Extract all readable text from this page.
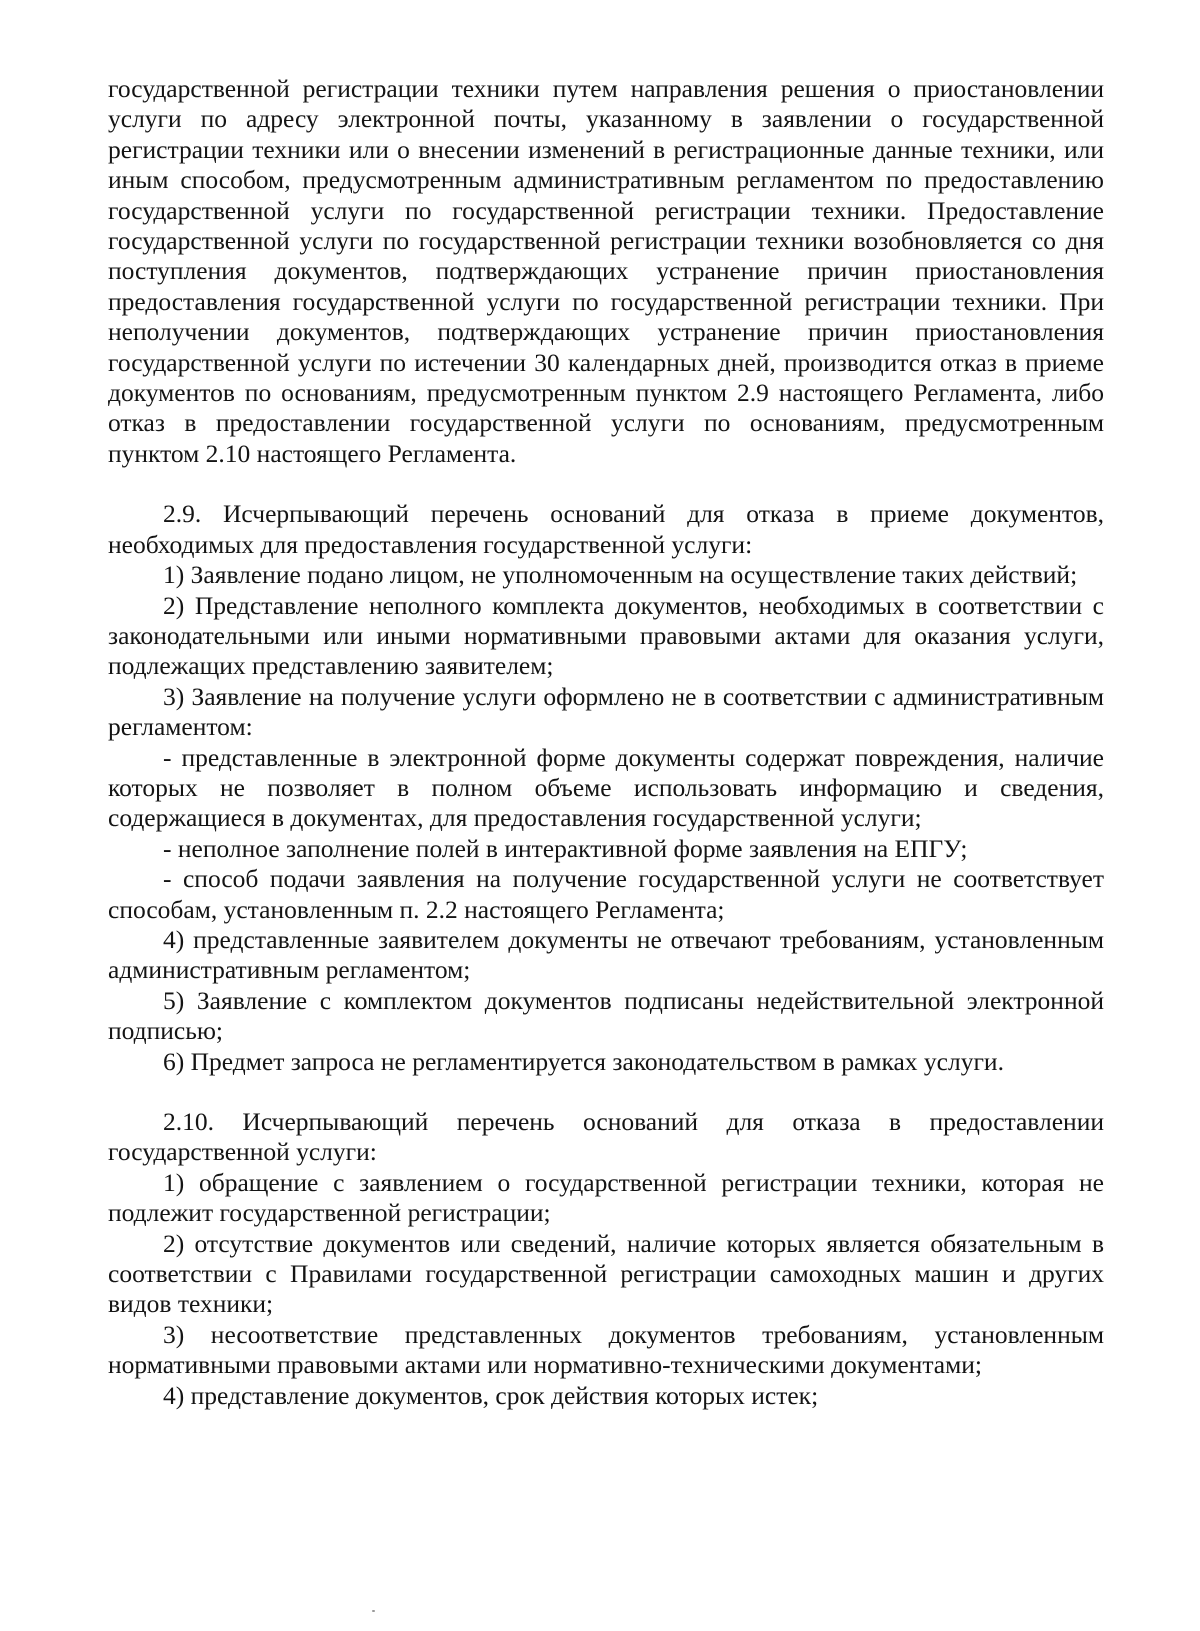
государственной регистрации техники путем направления решения о приостановлении услуги по адресу электронной почты, указанному в заявлении о государственной регистрации техники или о внесении изменений в регистрационные данные техники, или иным способом, предусмотренным административным регламентом по предоставлению государственной услуги по государственной регистрации техники. Предоставление государственной услуги по государственной регистрации техники возобновляется со дня поступления документов, подтверждающих устранение причин приостановления предоставления государственной услуги по государственной регистрации техники. При неполучении документов, подтверждающих устранение причин приостановления государственной услуги по истечении 30 календарных дней, производится отказ в приеме документов по основаниям, предусмотренным пунктом 2.9 настоящего Регламента, либо отказ в предоставлении государственной услуги по основаниям, предусмотренным пунктом 2.10 настоящего Регламента.

2.9. Исчерпывающий перечень оснований для отказа в приеме документов, необходимых для предоставления государственной услуги:

1) Заявление подано лицом, не уполномоченным на осуществление таких действий;

2) Представление неполного комплекта документов, необходимых в соответствии с законодательными или иными нормативными правовыми актами для оказания услуги, подлежащих представлению заявителем;

3) Заявление на получение услуги оформлено не в соответствии с административным регламентом:

- представленные в электронной форме документы содержат повреждения, наличие которых не позволяет в полном объеме использовать информацию и сведения, содержащиеся в документах, для предоставления государственной услуги;

- неполное заполнение полей в интерактивной форме заявления на ЕПГУ;

- способ подачи заявления на получение государственной услуги не соответствует способам, установленным п. 2.2 настоящего Регламента;

4) представленные заявителем документы не отвечают требованиям, установленным административным регламентом;

5) Заявление с комплектом документов подписаны недействительной электронной подписью;

6) Предмет запроса не регламентируется законодательством в рамках услуги.

2.10. Исчерпывающий перечень оснований для отказа в предоставлении государственной услуги:

1) обращение с заявлением о государственной регистрации техники, которая не подлежит государственной регистрации;

2) отсутствие документов или сведений, наличие которых является обязательным в соответствии с Правилами государственной регистрации самоходных машин и других видов техники;

3) несоответствие представленных документов требованиям, установленным нормативными правовыми актами или нормативно-техническими документами;

4) представление документов, срок действия которых истек;
